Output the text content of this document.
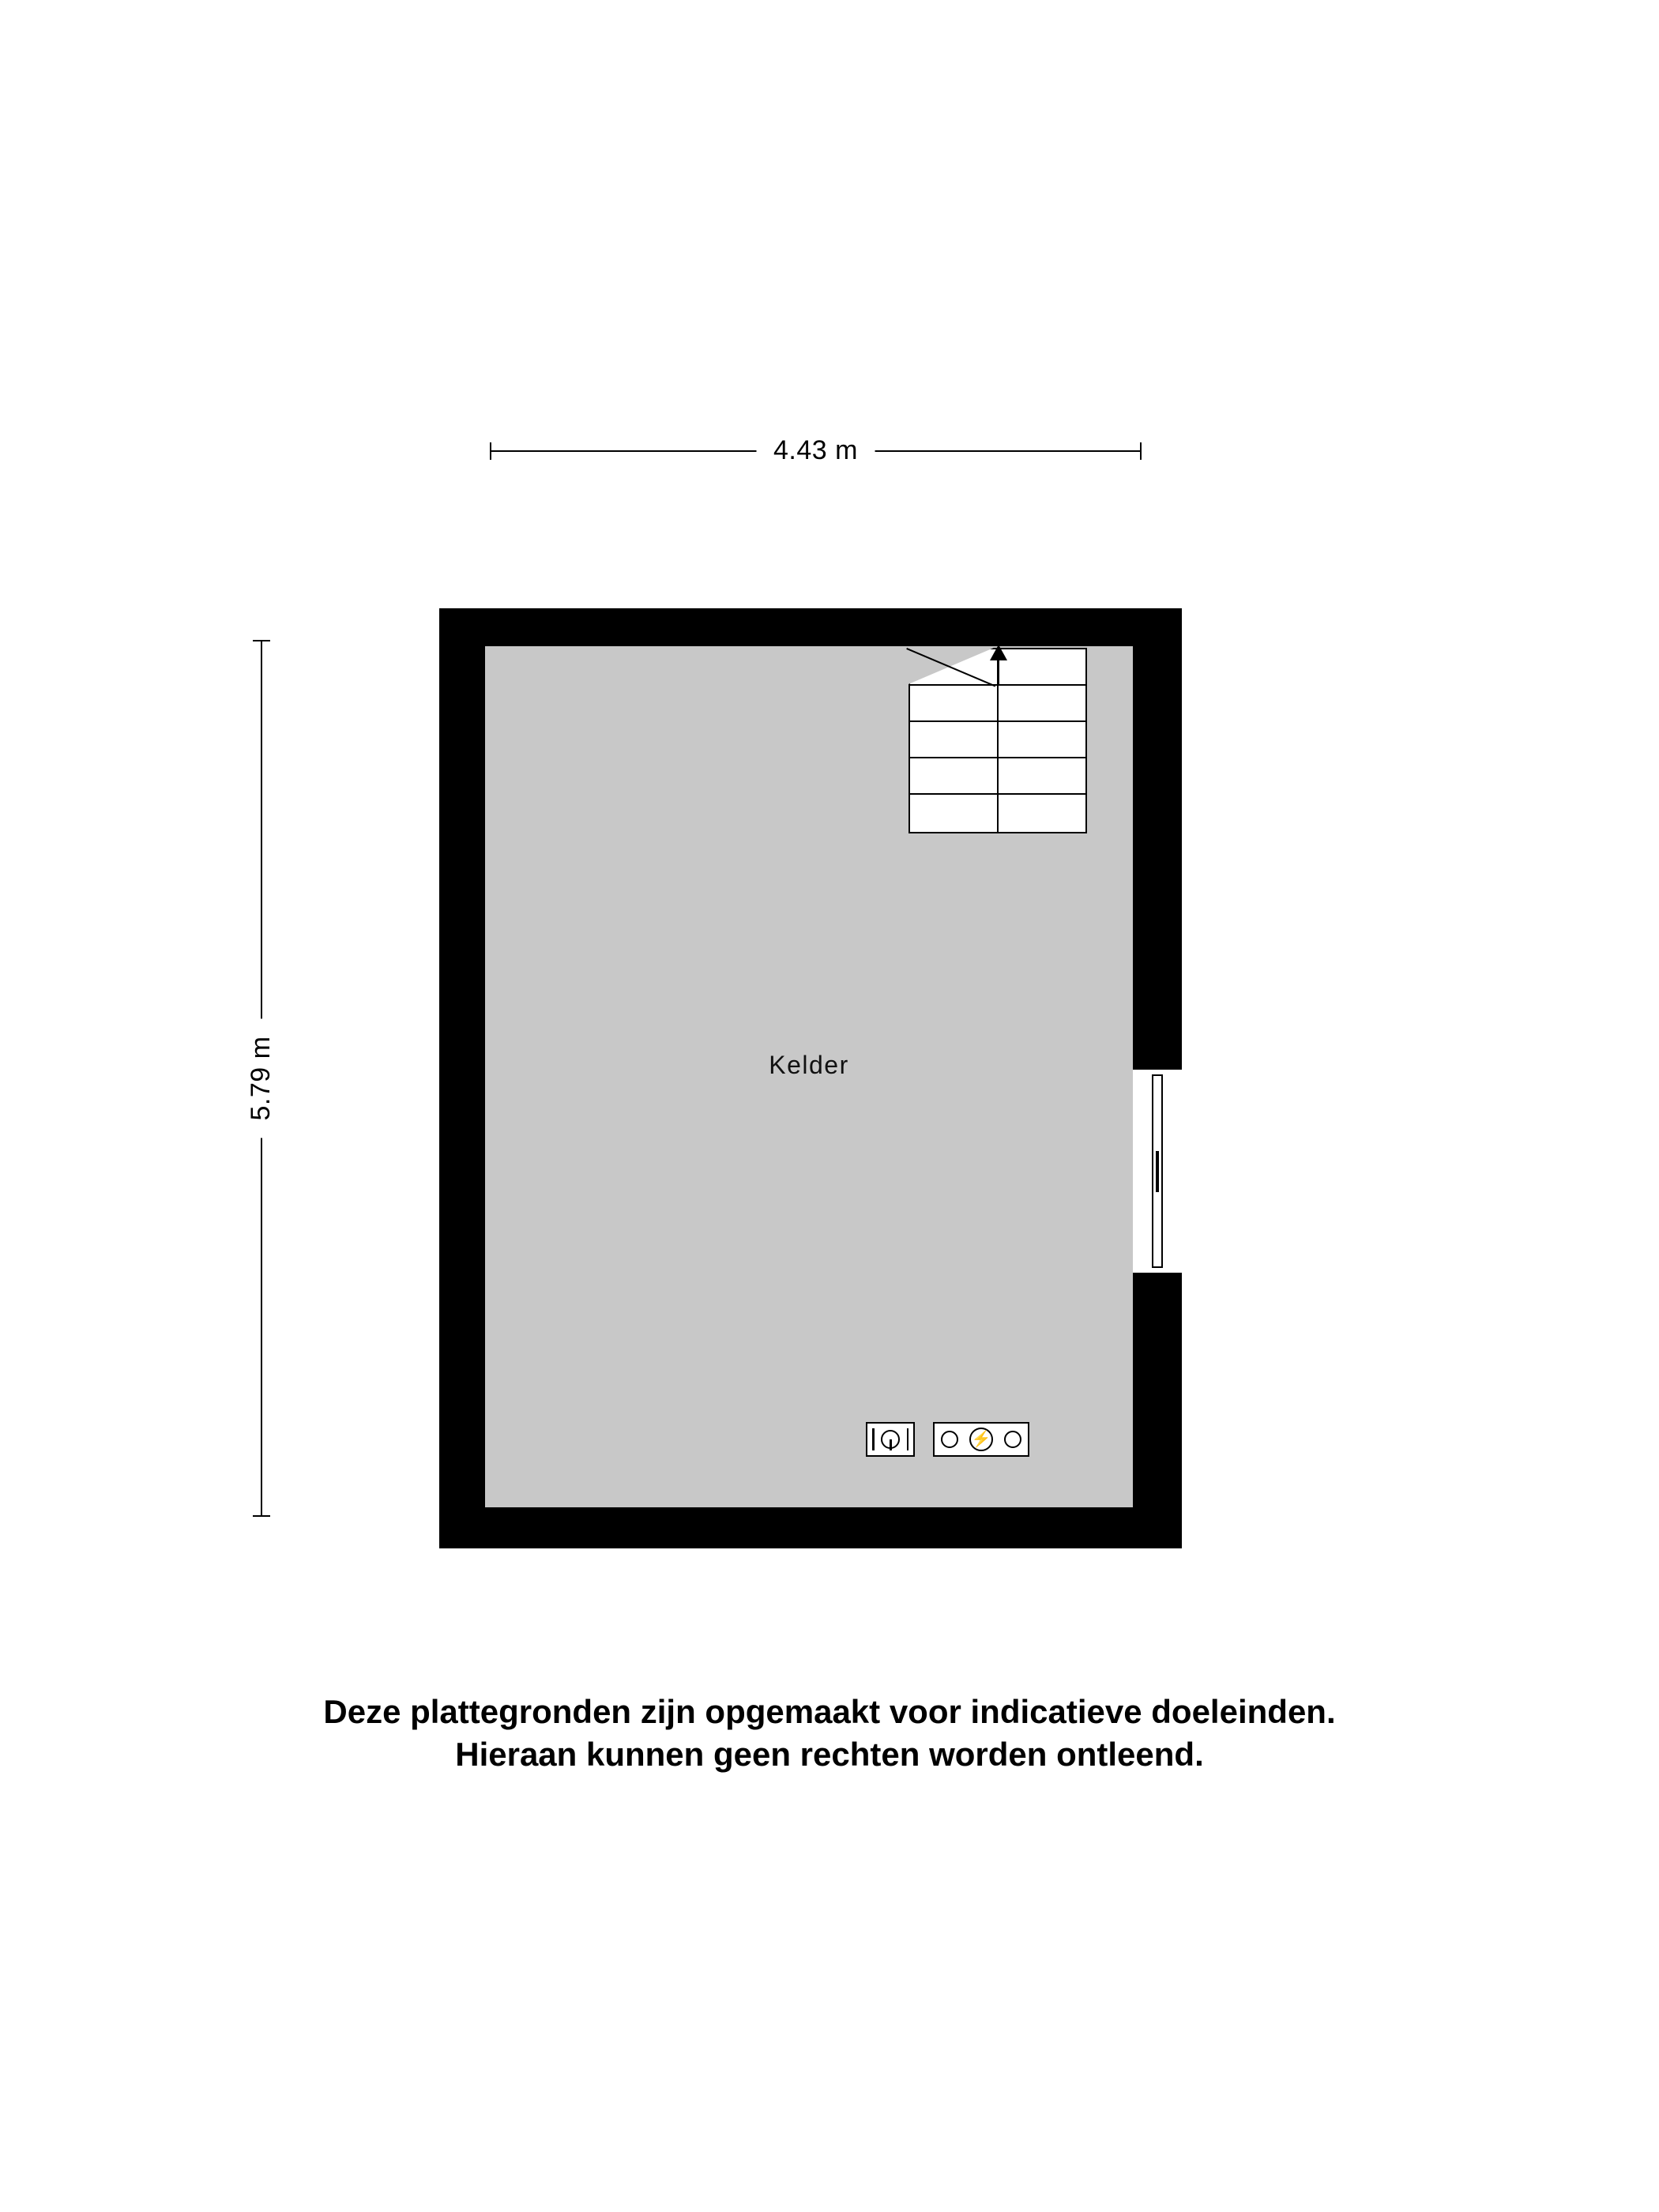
4.43 m
5.79 m	Kelder
⚡
Deze plattegronden zijn opgemaakt voor indicatieve doeleinden.
Hieraan kunnen geen rechten worden ontleend.
